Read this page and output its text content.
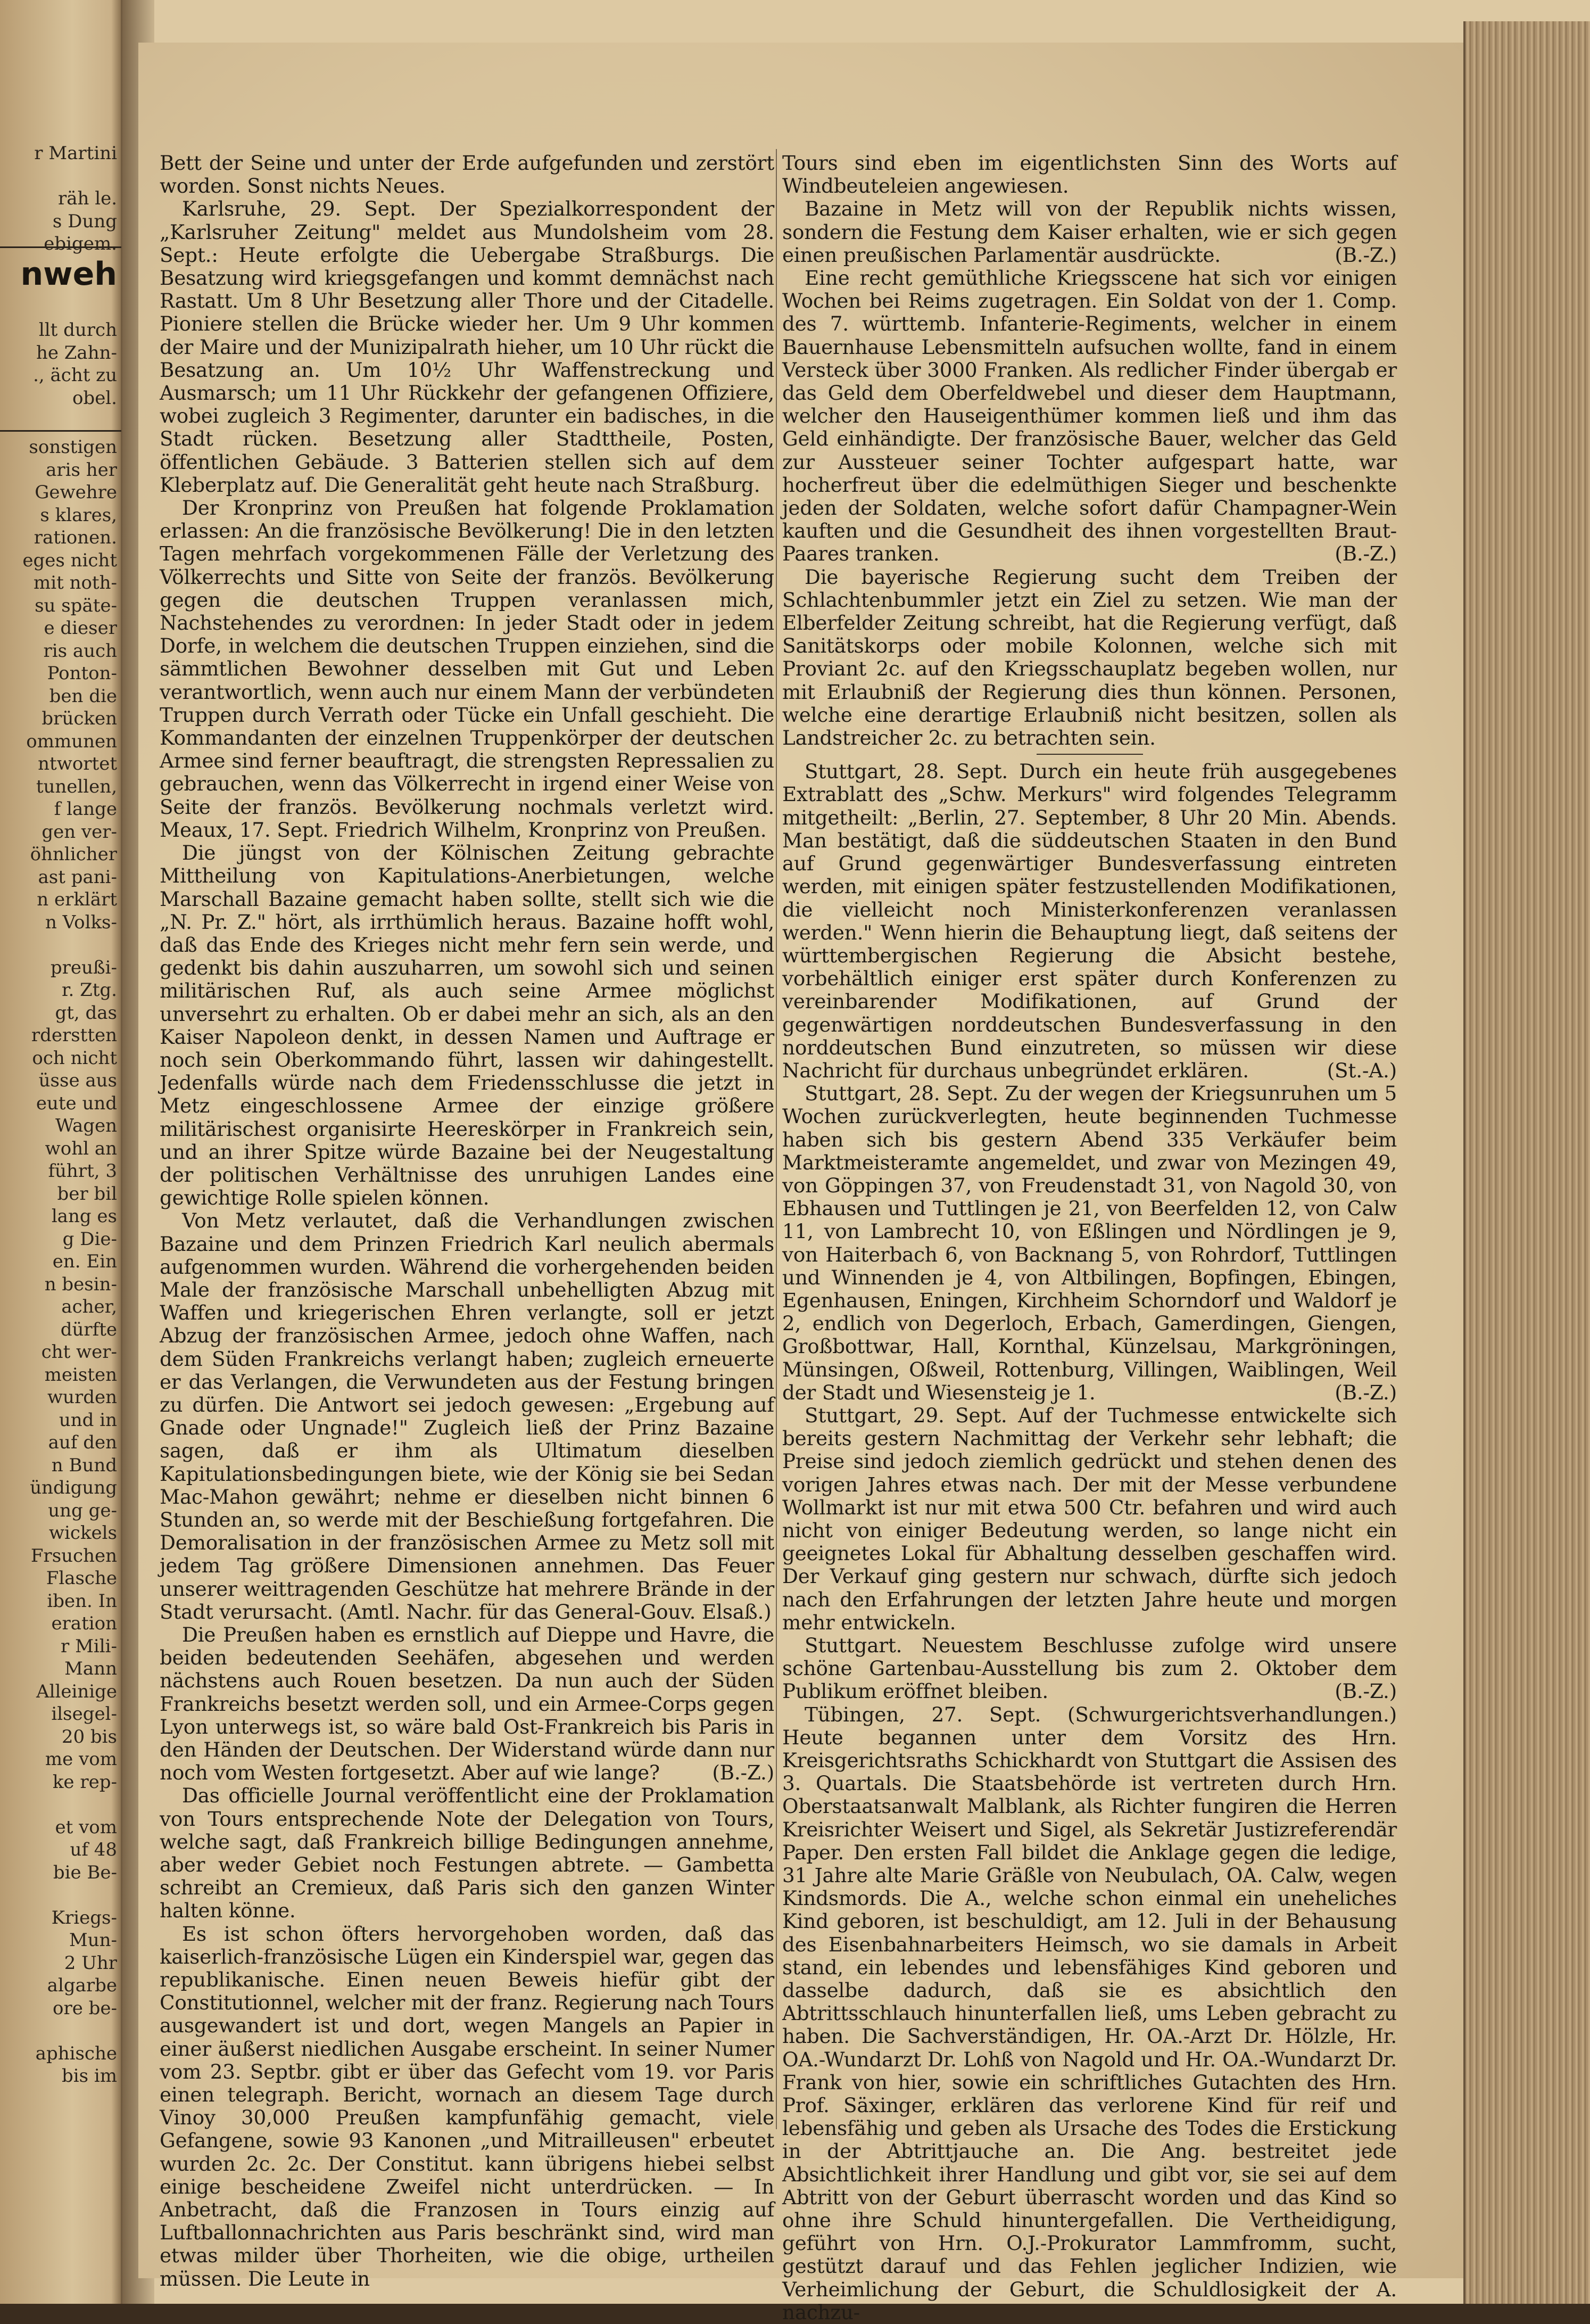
nweh
r Martini
räh le.
s Dung
ebigem.
llt durch
he Zahn-
., ächt zu
obel.
sonstigen
aris her
Gewehre
s klares,
rationen.
eges nicht
mit noth-
su späte-
e dieser
ris auch
Ponton-
ben die
brücken
ommunen
ntwortet
tunellen,
f lange
gen ver-
öhnlicher
ast pani-
n erklärt
n Volks-
preußi-
r. Ztg.
gt, das
rderstten
och nicht
üsse aus
eute und
Wagen
wohl an
führt, 3
ber bil
lang es
g Die-
en. Ein
n besin-
acher,
dürfte
cht wer-
meisten
wurden
und in
auf den
n Bund
ündigung
ung ge-
wickels
Frsuchen
Flasche
iben. In
eration
r Mili-
Mann
Alleinige
ilsegel-
20 bis
me vom
ke rep-
et vom
uf 48
bie Be-
Kriegs-
Mun-
2 Uhr
algarbe
ore be-
aphische
bis im

Bett der Seine und unter der Erde aufgefunden und zerstört worden. Sonst nichts Neues.

Karlsruhe, 29. Sept. Der Spezialkorrespondent der „Karlsruher Zeitung" meldet aus Mundolsheim vom 28. Sept.: Heute erfolgte die Uebergabe Straßburgs. Die Besatzung wird kriegsgefangen und kommt demnächst nach Rastatt. Um 8 Uhr Besetzung aller Thore und der Citadelle. Pioniere stellen die Brücke wieder her. Um 9 Uhr kommen der Maire und der Munizipalrath hieher, um 10 Uhr rückt die Besatzung an. Um 10½ Uhr Waffenstreckung und Ausmarsch; um 11 Uhr Rückkehr der gefangenen Offiziere, wobei zugleich 3 Regimenter, darunter ein badisches, in die Stadt rücken. Besetzung aller Stadttheile, Posten, öffentlichen Gebäude. 3 Batterien stellen sich auf dem Kleberplatz auf. Die Generalität geht heute nach Straßburg.

Der Kronprinz von Preußen hat folgende Proklamation erlassen: An die französische Bevölkerung! Die in den letzten Tagen mehrfach vorgekommenen Fälle der Verletzung des Völkerrechts und Sitte von Seite der französ. Bevölkerung gegen die deutschen Truppen veranlassen mich, Nachstehendes zu verordnen: In jeder Stadt oder in jedem Dorfe, in welchem die deutschen Truppen einziehen, sind die sämmtlichen Bewohner desselben mit Gut und Leben verantwortlich, wenn auch nur einem Mann der verbündeten Truppen durch Verrath oder Tücke ein Unfall geschieht. Die Kommandanten der einzelnen Truppenkörper der deutschen Armee sind ferner beauftragt, die strengsten Repressalien zu gebrauchen, wenn das Völkerrecht in irgend einer Weise von Seite der französ. Bevölkerung nochmals verletzt wird. Meaux, 17. Sept. Friedrich Wilhelm, Kronprinz von Preußen.

Die jüngst von der Kölnischen Zeitung gebrachte Mittheilung von Kapitulations-Anerbietungen, welche Marschall Bazaine gemacht haben sollte, stellt sich wie die „N. Pr. Z." hört, als irrthümlich heraus. Bazaine hofft wohl, daß das Ende des Krieges nicht mehr fern sein werde, und gedenkt bis dahin auszuharren, um sowohl sich und seinen militärischen Ruf, als auch seine Armee möglichst unversehrt zu erhalten. Ob er dabei mehr an sich, als an den Kaiser Napoleon denkt, in dessen Namen und Auftrage er noch sein Oberkommando führt, lassen wir dahingestellt. Jedenfalls würde nach dem Friedensschlusse die jetzt in Metz eingeschlossene Armee der einzige größere militärischest organisirte Heereskörper in Frankreich sein, und an ihrer Spitze würde Bazaine bei der Neugestaltung der politischen Verhältnisse des unruhigen Landes eine gewichtige Rolle spielen können.

Von Metz verlautet, daß die Verhandlungen zwischen Bazaine und dem Prinzen Friedrich Karl neulich abermals aufgenommen wurden. Während die vorhergehenden beiden Male der französische Marschall unbehelligten Abzug mit Waffen und kriegerischen Ehren verlangte, soll er jetzt Abzug der französischen Armee, jedoch ohne Waffen, nach dem Süden Frankreichs verlangt haben; zugleich erneuerte er das Verlangen, die Verwundeten aus der Festung bringen zu dürfen. Die Antwort sei jedoch gewesen: „Ergebung auf Gnade oder Ungnade!" Zugleich ließ der Prinz Bazaine sagen, daß er ihm als Ultimatum dieselben Kapitulationsbedingungen biete, wie der König sie bei Sedan Mac-Mahon gewährt; nehme er dieselben nicht binnen 6 Stunden an, so werde mit der Beschießung fortgefahren. Die Demoralisation in der französischen Armee zu Metz soll mit jedem Tag größere Dimensionen annehmen. Das Feuer unserer weittragenden Geschütze hat mehrere Brände in der Stadt verursacht. (Amtl. Nachr. für das General-Gouv. Elsaß.)

Die Preußen haben es ernstlich auf Dieppe und Havre, die beiden bedeutenden Seehäfen, abgesehen und werden nächstens auch Rouen besetzen. Da nun auch der Süden Frankreichs besetzt werden soll, und ein Armee-Corps gegen Lyon unterwegs ist, so wäre bald Ost-Frankreich bis Paris in den Händen der Deutschen. Der Widerstand würde dann nur noch vom Westen fortgesetzt. Aber auf wie lange?	(B.-Z.)

Das officielle Journal veröffentlicht eine der Proklamation von Tours entsprechende Note der Delegation von Tours, welche sagt, daß Frankreich billige Bedingungen annehme, aber weder Gebiet noch Festungen abtrete. — Gambetta schreibt an Cremieux, daß Paris sich den ganzen Winter halten könne.

Es ist schon öfters hervorgehoben worden, daß das kaiserlich-französische Lügen ein Kinderspiel war, gegen das republikanische. Einen neuen Beweis hiefür gibt der Constitutionnel, welcher mit der franz. Regierung nach Tours ausgewandert ist und dort, wegen Mangels an Papier in einer äußerst niedlichen Ausgabe erscheint. In seiner Numer vom 23. Septbr. gibt er über das Gefecht vom 19. vor Paris einen telegraph. Bericht, wornach an diesem Tage durch Vinoy 30,000 Preußen kampfunfähig gemacht, viele Gefangene, sowie 93 Kanonen „und Mitrailleusen" erbeutet wurden 2c. 2c. Der Constitut. kann übrigens hiebei selbst einige bescheidene Zweifel nicht unterdrücken. — In Anbetracht, daß die Franzosen in Tours einzig auf Luftballonnachrichten aus Paris beschränkt sind, wird man etwas milder über Thorheiten, wie die obige, urtheilen müssen. Die Leute in

Tours sind eben im eigentlichsten Sinn des Worts auf Windbeuteleien angewiesen.

Bazaine in Metz will von der Republik nichts wissen, sondern die Festung dem Kaiser erhalten, wie er sich gegen einen preußischen Parlamentär ausdrückte.	(B.-Z.)

Eine recht gemüthliche Kriegsscene hat sich vor einigen Wochen bei Reims zugetragen. Ein Soldat von der 1. Comp. des 7. württemb. Infanterie-Regiments, welcher in einem Bauernhause Lebensmitteln aufsuchen wollte, fand in einem Versteck über 3000 Franken. Als redlicher Finder übergab er das Geld dem Oberfeldwebel und dieser dem Hauptmann, welcher den Hauseigenthümer kommen ließ und ihm das Geld einhändigte. Der französische Bauer, welcher das Geld zur Aussteuer seiner Tochter aufgespart hatte, war hocherfreut über die edelmüthigen Sieger und beschenkte jeden der Soldaten, welche sofort dafür Champagner-Wein kauften und die Gesundheit des ihnen vorgestellten Braut-Paares tranken.	(B.-Z.)

Die bayerische Regierung sucht dem Treiben der Schlachtenbummler jetzt ein Ziel zu setzen. Wie man der Elberfelder Zeitung schreibt, hat die Regierung verfügt, daß Sanitätskorps oder mobile Kolonnen, welche sich mit Proviant 2c. auf den Kriegsschauplatz begeben wollen, nur mit Erlaubniß der Regierung dies thun können. Personen, welche eine derartige Erlaubniß nicht besitzen, sollen als Landstreicher 2c. zu betrachten sein.

Stuttgart, 28. Sept. Durch ein heute früh ausgegebenes Extrablatt des „Schw. Merkurs" wird folgendes Telegramm mitgetheilt: „Berlin, 27. September, 8 Uhr 20 Min. Abends. Man bestätigt, daß die süddeutschen Staaten in den Bund auf Grund gegenwärtiger Bundesverfassung eintreten werden, mit einigen später festzustellenden Modifikationen, die vielleicht noch Ministerkonferenzen veranlassen werden." Wenn hierin die Behauptung liegt, daß seitens der württembergischen Regierung die Absicht bestehe, vorbehältlich einiger erst später durch Konferenzen zu vereinbarender Modifikationen, auf Grund der gegenwärtigen norddeutschen Bundesverfassung in den norddeutschen Bund einzutreten, so müssen wir diese Nachricht für durchaus unbegründet erklären.	(St.-A.)

Stuttgart, 28. Sept. Zu der wegen der Kriegsunruhen um 5 Wochen zurückverlegten, heute beginnenden Tuchmesse haben sich bis gestern Abend 335 Verkäufer beim Marktmeisteramte angemeldet, und zwar von Mezingen 49, von Göppingen 37, von Freudenstadt 31, von Nagold 30, von Ebhausen und Tuttlingen je 21, von Beerfelden 12, von Calw 11, von Lambrecht 10, von Eßlingen und Nördlingen je 9, von Haiterbach 6, von Backnang 5, von Rohrdorf, Tuttlingen und Winnenden je 4, von Altbilingen, Bopfingen, Ebingen, Egenhausen, Eningen, Kirchheim Schorndorf und Waldorf je 2, endlich von Degerloch, Erbach, Gamerdingen, Giengen, Großbottwar, Hall, Kornthal, Künzelsau, Markgröningen, Münsingen, Oßweil, Rottenburg, Villingen, Waiblingen, Weil der Stadt und Wiesensteig je 1.	(B.-Z.)

Stuttgart, 29. Sept. Auf der Tuchmesse entwickelte sich bereits gestern Nachmittag der Verkehr sehr lebhaft; die Preise sind jedoch ziemlich gedrückt und stehen denen des vorigen Jahres etwas nach. Der mit der Messe verbundene Wollmarkt ist nur mit etwa 500 Ctr. befahren und wird auch nicht von einiger Bedeutung werden, so lange nicht ein geeignetes Lokal für Abhaltung desselben geschaffen wird. Der Verkauf ging gestern nur schwach, dürfte sich jedoch nach den Erfahrungen der letzten Jahre heute und morgen mehr entwickeln.

Stuttgart. Neuestem Beschlusse zufolge wird unsere schöne Gartenbau-Ausstellung bis zum 2. Oktober dem Publikum eröffnet bleiben.	(B.-Z.)

Tübingen, 27. Sept. (Schwurgerichtsverhandlungen.) Heute begannen unter dem Vorsitz des Hrn. Kreisgerichtsraths Schickhardt von Stuttgart die Assisen des 3. Quartals. Die Staatsbehörde ist vertreten durch Hrn. Oberstaatsanwalt Malblank, als Richter fungiren die Herren Kreisrichter Weisert und Sigel, als Sekretär Justizreferendär Paper. Den ersten Fall bildet die Anklage gegen die ledige, 31 Jahre alte Marie Gräßle von Neubulach, OA. Calw, wegen Kindsmords. Die A., welche schon einmal ein uneheliches Kind geboren, ist beschuldigt, am 12. Juli in der Behausung des Eisenbahnarbeiters Heimsch, wo sie damals in Arbeit stand, ein lebendes und lebensfähiges Kind geboren und dasselbe dadurch, daß sie es absichtlich den Abtrittsschlauch hinunterfallen ließ, ums Leben gebracht zu haben. Die Sachverständigen, Hr. OA.-Arzt Dr. Hölzle, Hr. OA.-Wundarzt Dr. Lohß von Nagold und Hr. OA.-Wundarzt Dr. Frank von hier, sowie ein schriftliches Gutachten des Hrn. Prof. Säxinger, erklären das verlorene Kind für reif und lebensfähig und geben als Ursache des Todes die Erstickung in der Abtrittjauche an. Die Ang. bestreitet jede Absichtlichkeit ihrer Handlung und gibt vor, sie sei auf dem Abtritt von der Geburt überrascht worden und das Kind so ohne ihre Schuld hinuntergefallen. Die Vertheidigung, geführt von Hrn. O.J.-Prokurator Lammfromm, sucht, gestützt darauf und das Fehlen jeglicher Indizien, wie Verheimlichung der Geburt, die Schuldlosigkeit der A. nachzu-
